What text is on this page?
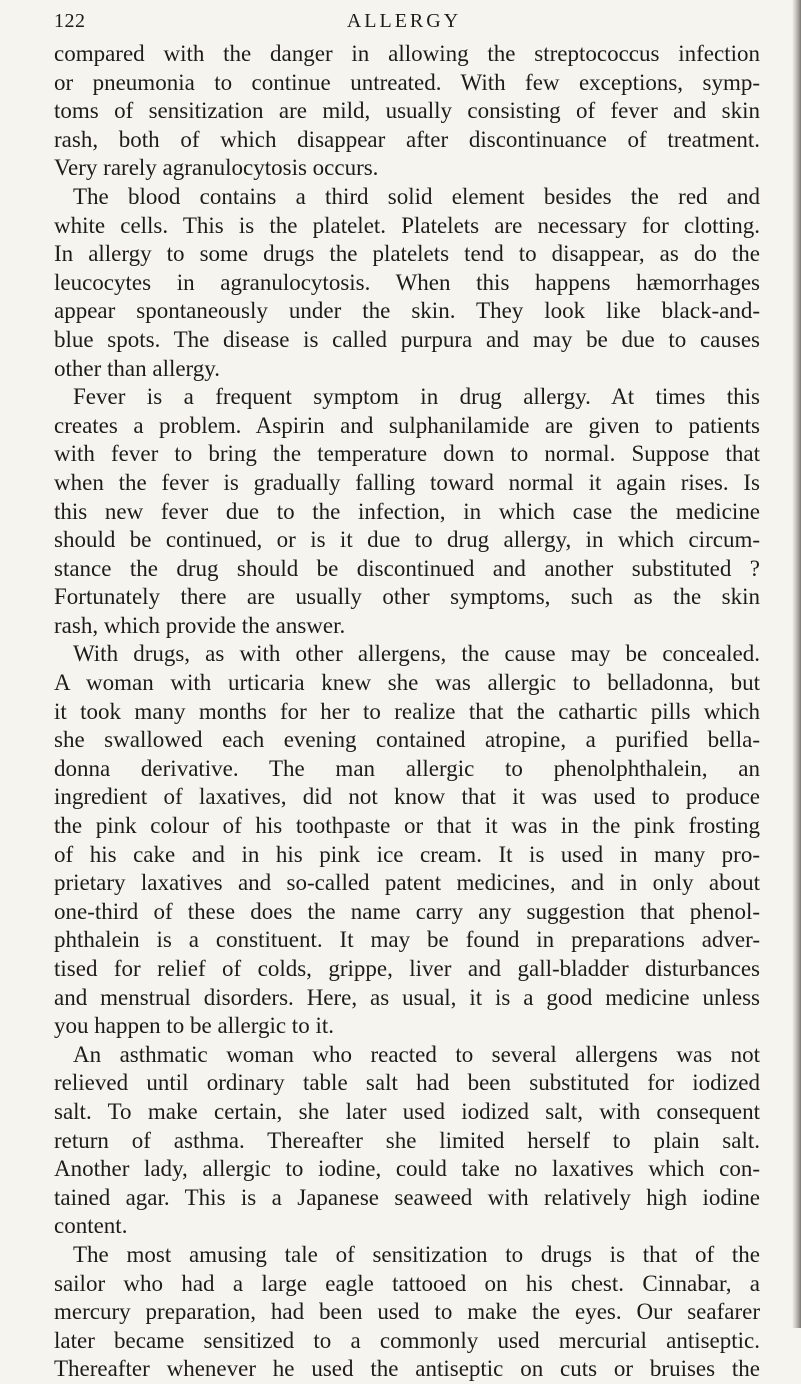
122	ALLERGY
compared with the danger in allowing the streptococcus infection
or pneumonia to continue untreated. With few exceptions, symp-
toms of sensitization are mild, usually consisting of fever and skin
rash, both of which disappear after discontinuance of treatment.
Very rarely agranulocytosis occurs.
The blood contains a third solid element besides the red and
white cells. This is the platelet. Platelets are necessary for clotting.
In allergy to some drugs the platelets tend to disappear, as do the
leucocytes in agranulocytosis. When this happens hæmorrhages
appear spontaneously under the skin. They look like black-and-
blue spots. The disease is called purpura and may be due to causes
other than allergy.
Fever is a frequent symptom in drug allergy. At times this
creates a problem. Aspirin and sulphanilamide are given to patients
with fever to bring the temperature down to normal. Suppose that
when the fever is gradually falling toward normal it again rises. Is
this new fever due to the infection, in which case the medicine
should be continued, or is it due to drug allergy, in which circum-
stance the drug should be discontinued and another substituted ?
Fortunately there are usually other symptoms, such as the skin
rash, which provide the answer.
With drugs, as with other allergens, the cause may be concealed.
A woman with urticaria knew she was allergic to belladonna, but
it took many months for her to realize that the cathartic pills which
she swallowed each evening contained atropine, a purified bella-
donna derivative. The man allergic to phenolphthalein, an
ingredient of laxatives, did not know that it was used to produce
the pink colour of his toothpaste or that it was in the pink frosting
of his cake and in his pink ice cream. It is used in many pro-
prietary laxatives and so-called patent medicines, and in only about
one-third of these does the name carry any suggestion that phenol-
phthalein is a constituent. It may be found in preparations adver-
tised for relief of colds, grippe, liver and gall-bladder disturbances
and menstrual disorders. Here, as usual, it is a good medicine unless
you happen to be allergic to it.
An asthmatic woman who reacted to several allergens was not
relieved until ordinary table salt had been substituted for iodized
salt. To make certain, she later used iodized salt, with consequent
return of asthma. Thereafter she limited herself to plain salt.
Another lady, allergic to iodine, could take no laxatives which con-
tained agar. This is a Japanese seaweed with relatively high iodine
content.
The most amusing tale of sensitization to drugs is that of the
sailor who had a large eagle tattooed on his chest. Cinnabar, a
mercury preparation, had been used to make the eyes. Our seafarer
later became sensitized to a commonly used mercurial antiseptic.
Thereafter whenever he used the antiseptic on cuts or bruises the
